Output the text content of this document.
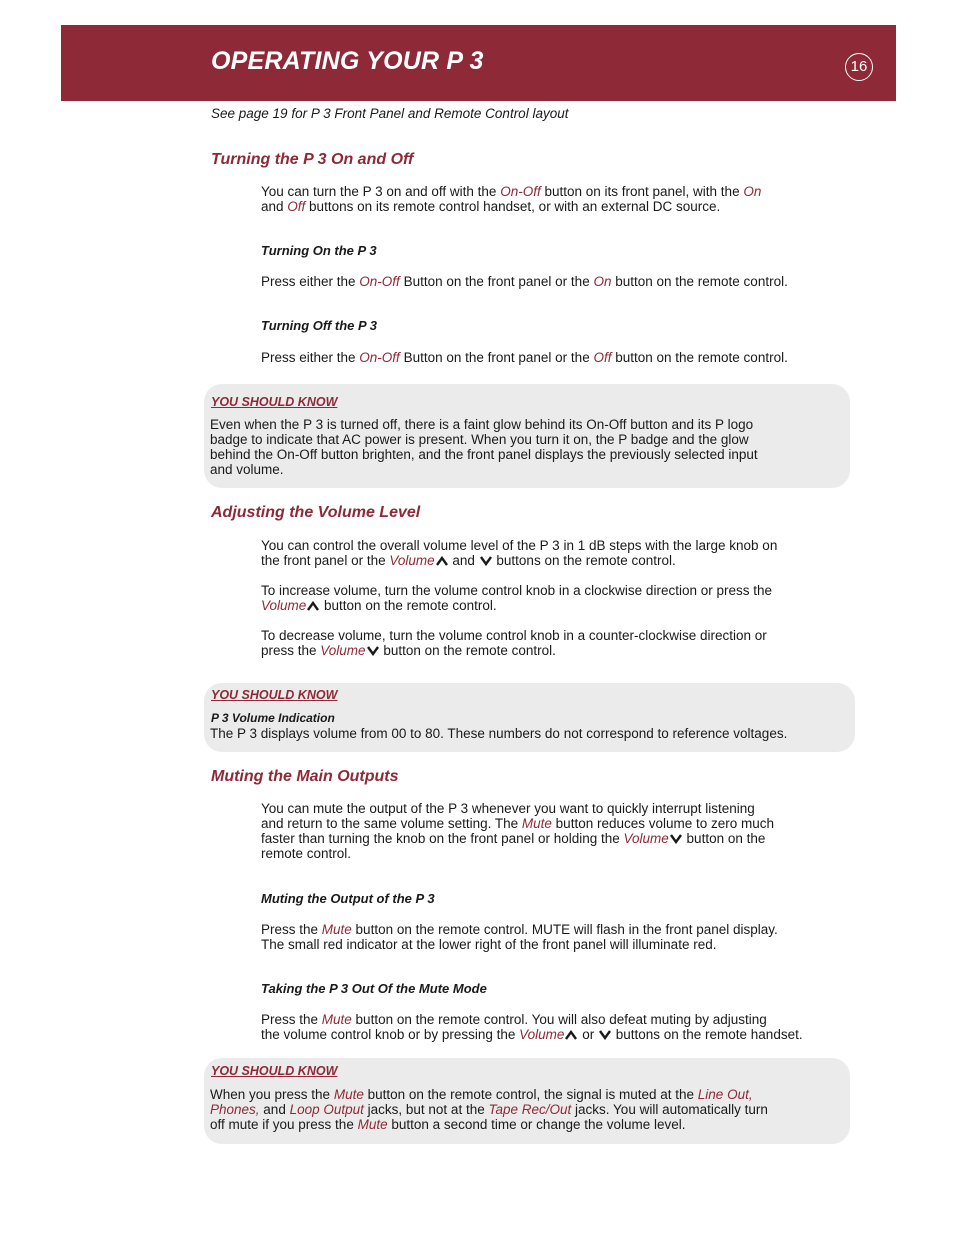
OPERATING YOUR P 3	16
See page 19 for P 3 Front Panel and Remote Control layout
Turning the P 3 On and Off
You can turn the P 3 on and off with the On-Off button on its front panel, with the On
and Off buttons on its remote control handset, or with an external DC source.
Turning On the P 3
Press either the On-Off Button on the front panel or the On button on the remote control.
Turning Off the P 3
Press either the On-Off Button on the front panel or the Off button on the remote control.
YOU SHOULD KNOW
Even when the P 3 is turned off, there is a faint glow behind its On-Off button and its P logo
badge to indicate that AC power is present. When you turn it on, the P badge and the glow
behind the On-Off button brighten, and the front panel displays the previously selected input
and volume.
Adjusting the Volume Level
You can control the overall volume level of the P 3 in 1 dB steps with the large knob on
the front panel or the Volume
and
buttons on the remote control.
To increase volume, turn the volume control knob in a clockwise direction or press the
Volume
button on the remote control.
To decrease volume, turn the volume control knob in a counter-clockwise direction or
press the Volume
button on the remote control.
YOU SHOULD KNOW
P 3 Volume Indication
The P 3 displays volume from 00 to 80. These numbers do not correspond to reference voltages.
Muting the Main Outputs
You can mute the output of the P 3 whenever you want to quickly interrupt listening
and return to the same volume setting. The Mute button reduces volume to zero much
faster than turning the knob on the front panel or holding the Volume
button on the
remote control.
Muting the Output of the P 3
Press the Mute button on the remote control. MUTE will flash in the front panel display.
The small red indicator at the lower right of the front panel will illuminate red.
Taking the P 3 Out Of the Mute Mode
Press the Mute button on the remote control. You will also defeat muting by adjusting
the volume control knob or by pressing the Volume
or
buttons on the remote handset.
YOU SHOULD KNOW
When you press the Mute button on the remote control, the signal is muted at the Line Out,
Phones, and Loop Output jacks, but not at the Tape Rec/Out jacks. You will automatically turn
off mute if you press the Mute button a second time or change the volume level.
